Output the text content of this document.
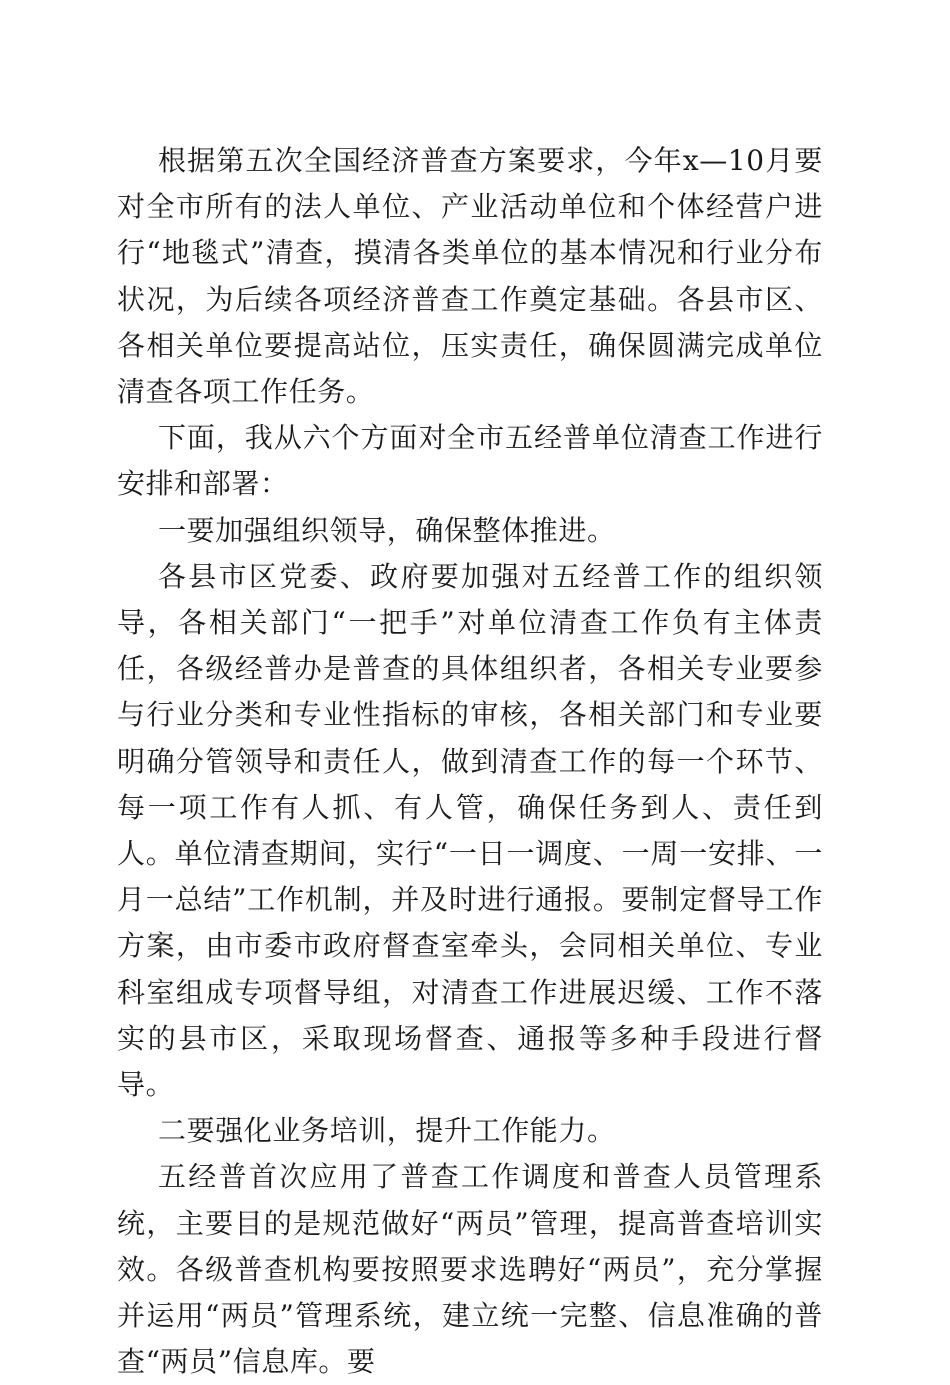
根据第五次全国经济普查方案要求，今年x—10月要对全市所有的法人单位、产业活动单位和个体经营户进行“地毯式”清查，摸清各类单位的基本情况和行业分布状况，为后续各项经济普查工作奠定基础。各县市区、各相关单位要提高站位，压实责任，确保圆满完成单位清查各项工作任务。

下面，我从六个方面对全市五经普单位清查工作进行安排和部署：

一要加强组织领导，确保整体推进。

各县市区党委、政府要加强对五经普工作的组织领导，各相关部门“一把手”对单位清查工作负有主体责任，各级经普办是普查的具体组织者，各相关专业要参与行业分类和专业性指标的审核，各相关部门和专业要明确分管领导和责任人，做到清查工作的每一个环节、每一项工作有人抓、有人管，确保任务到人、责任到人。单位清查期间，实行“一日一调度、一周一安排、一月一总结”工作机制，并及时进行通报。要制定督导工作方案，由市委市政府督查室牵头，会同相关单位、专业科室组成专项督导组，对清查工作进展迟缓、工作不落实的县市区，采取现场督查、通报等多种手段进行督导。

二要强化业务培训，提升工作能力。

五经普首次应用了普查工作调度和普查人员管理系统，主要目的是规范做好“两员”管理，提高普查培训实效。各级普查机构要按照要求选聘好“两员”，充分掌握并运用“两员”管理系统，建立统一完整、信息准确的普查“两员”信息库。要
